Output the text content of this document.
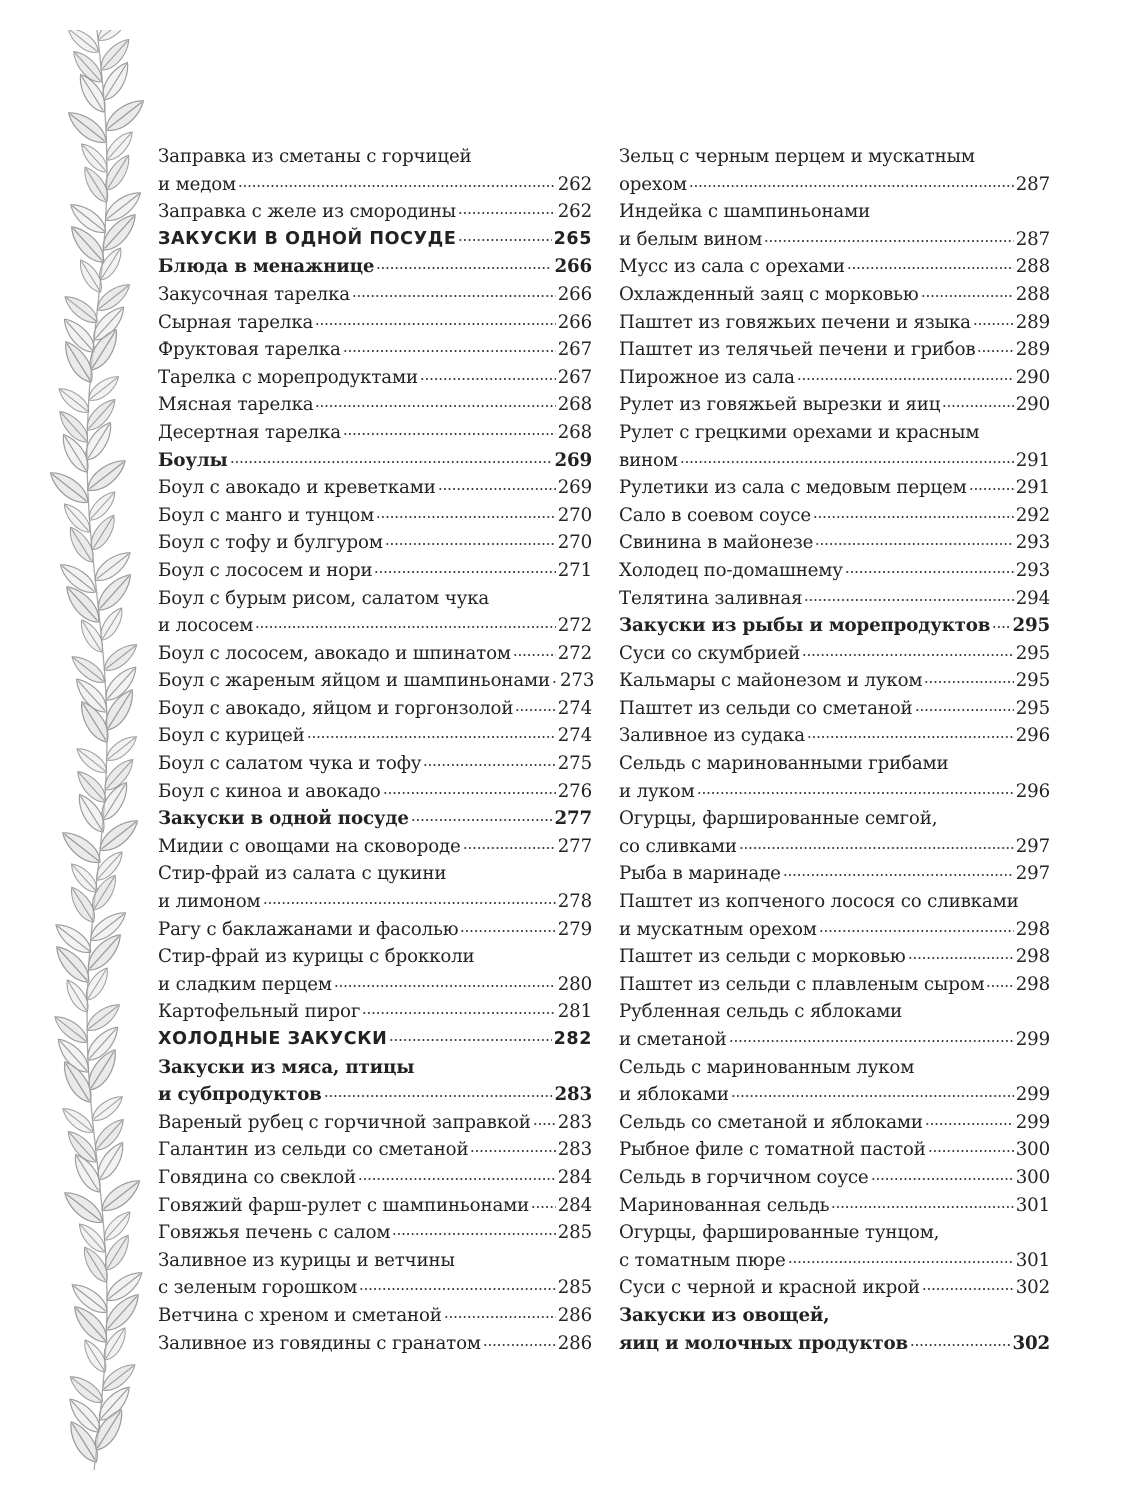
Заправка из сметаны с горчицей
и медом	262
Заправка с желе из смородины	262
ЗАКУСКИ В ОДНОЙ ПОСУДЕ	265
Блюда в менажнице	266
Закусочная тарелка	266
Сырная тарелка	266
Фруктовая тарелка	267
Тарелка с морепродуктами	267
Мясная тарелка	268
Десертная тарелка	268
Боулы	269
Боул с авокадо и креветками	269
Боул с манго и тунцом	270
Боул с тофу и булгуром	270
Боул с лососем и нори	271
Боул с бурым рисом, салатом чука
и лососем	272
Боул с лососем, авокадо и шпинатом	272
Боул с жареным яйцом и шампиньонами 273
Боул с авокадо, яйцом и горгонзолой 274
Боул с курицей	274
Боул с салатом чука и тофу	275
Боул с киноа и авокадо	276
Закуски в одной посуде	277
Мидии с овощами на сковороде	277
Стир-фрай из салата с цукини
и лимоном	278
Рагу с баклажанами и фасолью	279
Стир-фрай из курицы с брокколи
и сладким перцем	280
Картофельный пирог	281
ХОЛОДНЫЕ ЗАКУСКИ	282
Закуски из мяса, птицы
и субпродуктов	283
Вареный рубец с горчичной заправкой 283
Галантин из сельди со сметаной	283
Говядина со свеклой	284
Говяжий фарш-рулет с шампиньонами 284
Говяжья печень с салом	285
Заливное из курицы и ветчины
с зеленым горошком	285
Ветчина с хреном и сметаной	286
Заливное из говядины с гранатом	286
Зельц с черным перцем и мускатным
орехом	287
Индейка с шампиньонами
и белым вином	287
Мусс из сала с орехами	288
Охлажденный заяц с морковью	288
Паштет из говяжьих печени и языка 289
Паштет из телячьей печени и грибов 289
Пирожное из сала	290
Рулет из говяжьей вырезки и яиц	290
Рулет с грецкими орехами и красным
вином	291
Рулетики из сала с медовым перцем	291
Сало в соевом соусе	292
Свинина в майонезе	293
Холодец по-домашнему	293
Телятина заливная	294
Закуски из рыбы и морепродуктов 295
Суси со скумбрией	295
Кальмары с майонезом и луком	295
Паштет из сельди со сметаной	295
Заливное из судака	296
Сельдь с маринованными грибами
и луком	296
Огурцы, фаршированные семгой,
со сливками	297
Рыба в маринаде	297
Паштет из копченого лосося со сливками
и мускатным орехом	298
Паштет из сельди с морковью	298
Паштет из сельди с плавленым сыром 298
Рубленная сельдь с яблоками
и сметаной	299
Сельдь с маринованным луком
и яблоками	299
Сельдь со сметаной и яблоками	299
Рыбное филе с томатной пастой	300
Сельдь в горчичном соусе	300
Маринованная сельдь	301
Огурцы, фаршированные тунцом,
с томатным пюре	301
Суси с черной и красной икрой	302
Закуски из овощей,
яиц и молочных продуктов	302
